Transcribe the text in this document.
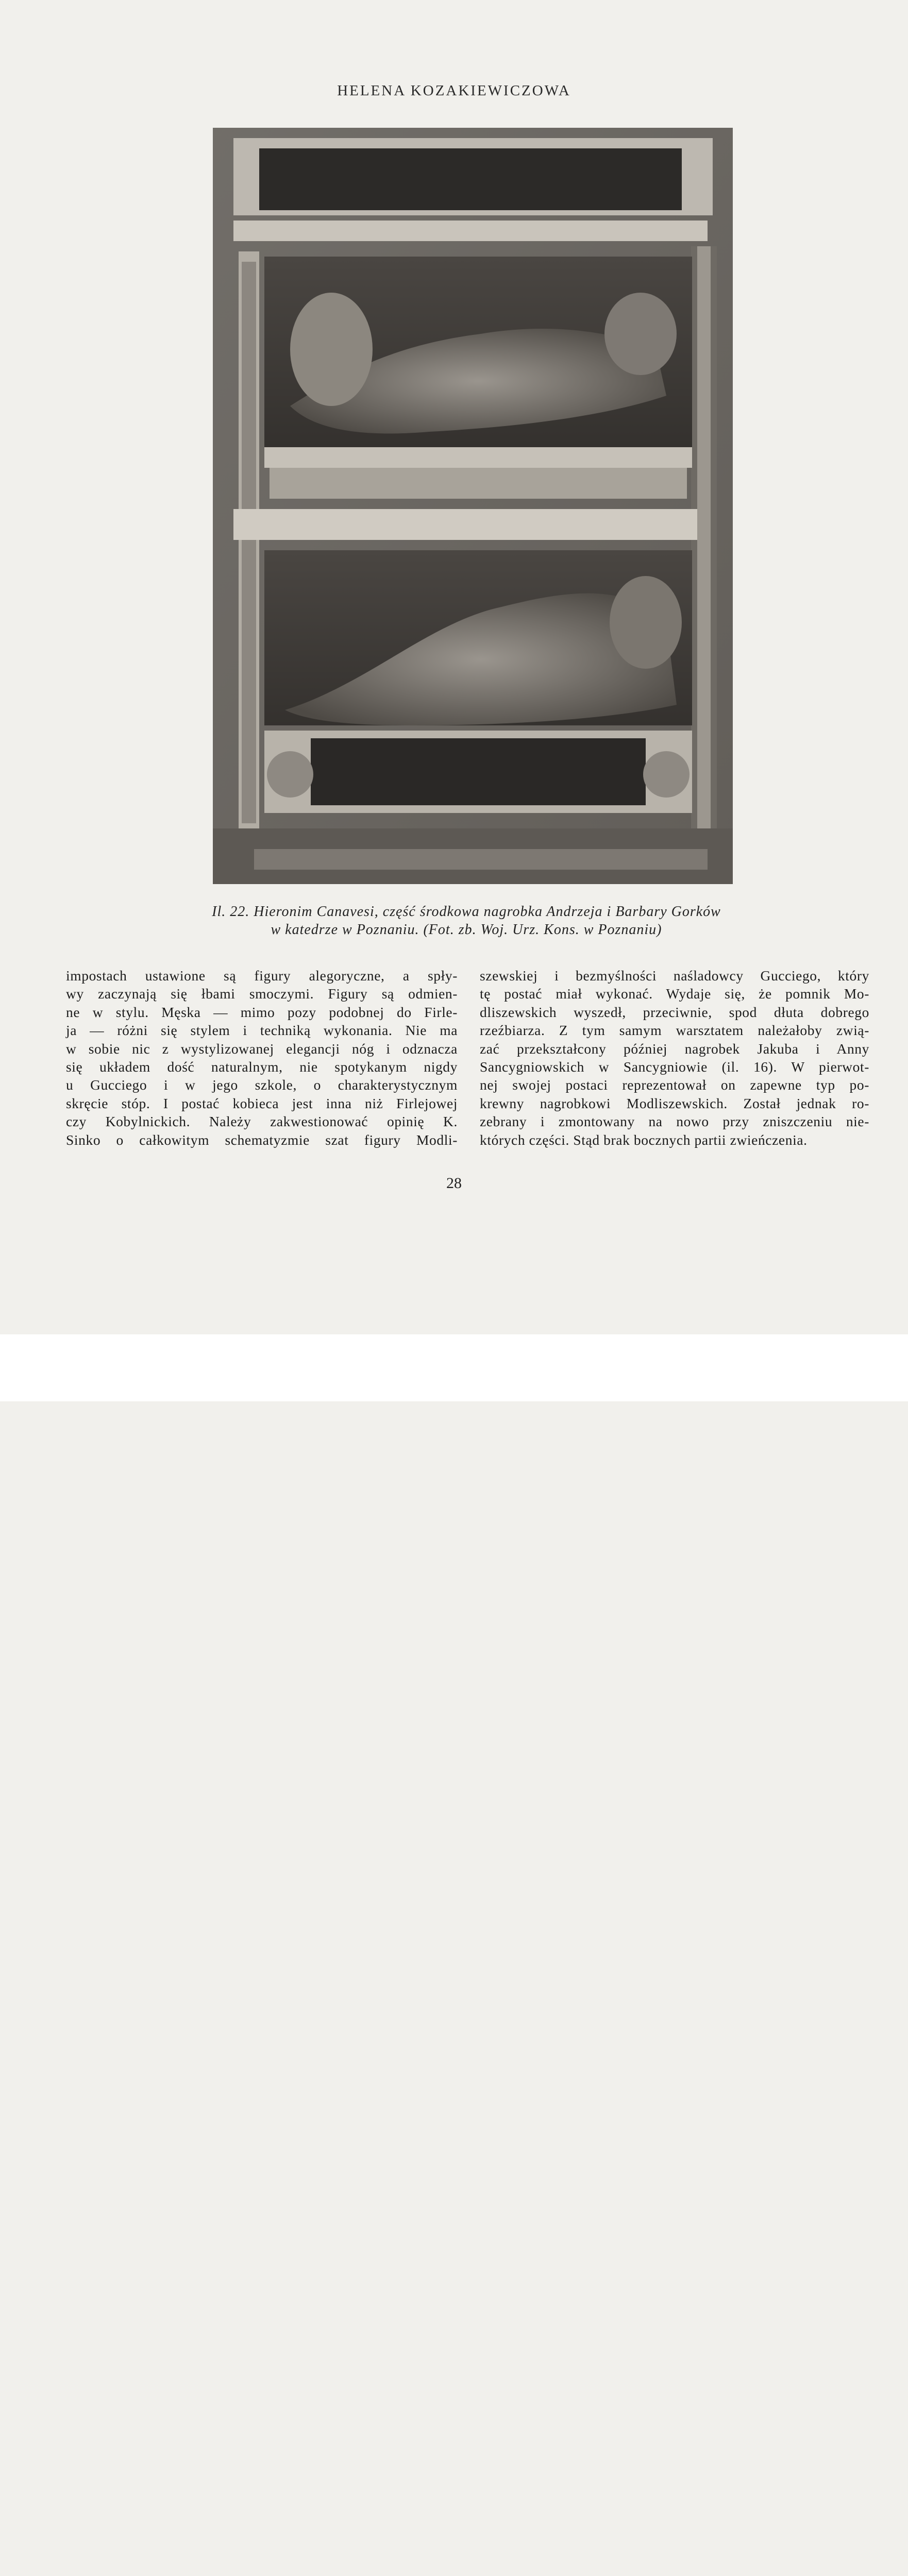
HELENA KOZAKIEWICZOWA
Il. 22. Hieronim Canavesi, część środkowa nagrobka Andrzeja i Barbary Gorków
w katedrze w Poznaniu. (Fot. zb. Woj. Urz. Kons. w Poznaniu)
impostach ustawione są figury alegoryczne, a spły-
wy zaczynają się łbami smoczymi. Figury są odmien-
ne w stylu. Męska — mimo pozy podobnej do Firle-
ja — różni się stylem i techniką wykonania. Nie ma
w sobie nic z wystylizowanej elegancji nóg i odznacza
się układem dość naturalnym, nie spotykanym nigdy
u Gucciego i w jego szkole, o charakterystycznym
skręcie stóp. I postać kobieca jest inna niż Firlejowej
czy Kobylnickich. Należy zakwestionować opinię K.
Sinko o całkowitym schematyzmie szat figury Modli-
szewskiej i bezmyślności naśladowcy Gucciego, który
tę postać miał wykonać. Wydaje się, że pomnik Mo-
dliszewskich wyszedł, przeciwnie, spod dłuta dobrego
rzeźbiarza. Z tym samym warsztatem należałoby zwią-
zać przekształcony później nagrobek Jakuba i Anny
Sancygniowskich w Sancygniowie (il. 16). W pierwot-
nej swojej postaci reprezentował on zapewne typ po-
krewny nagrobkowi Modliszewskich. Został jednak ro-
zebrany i zmontowany na nowo przy zniszczeniu nie-
których części. Stąd brak bocznych partii zwieńczenia.
28
